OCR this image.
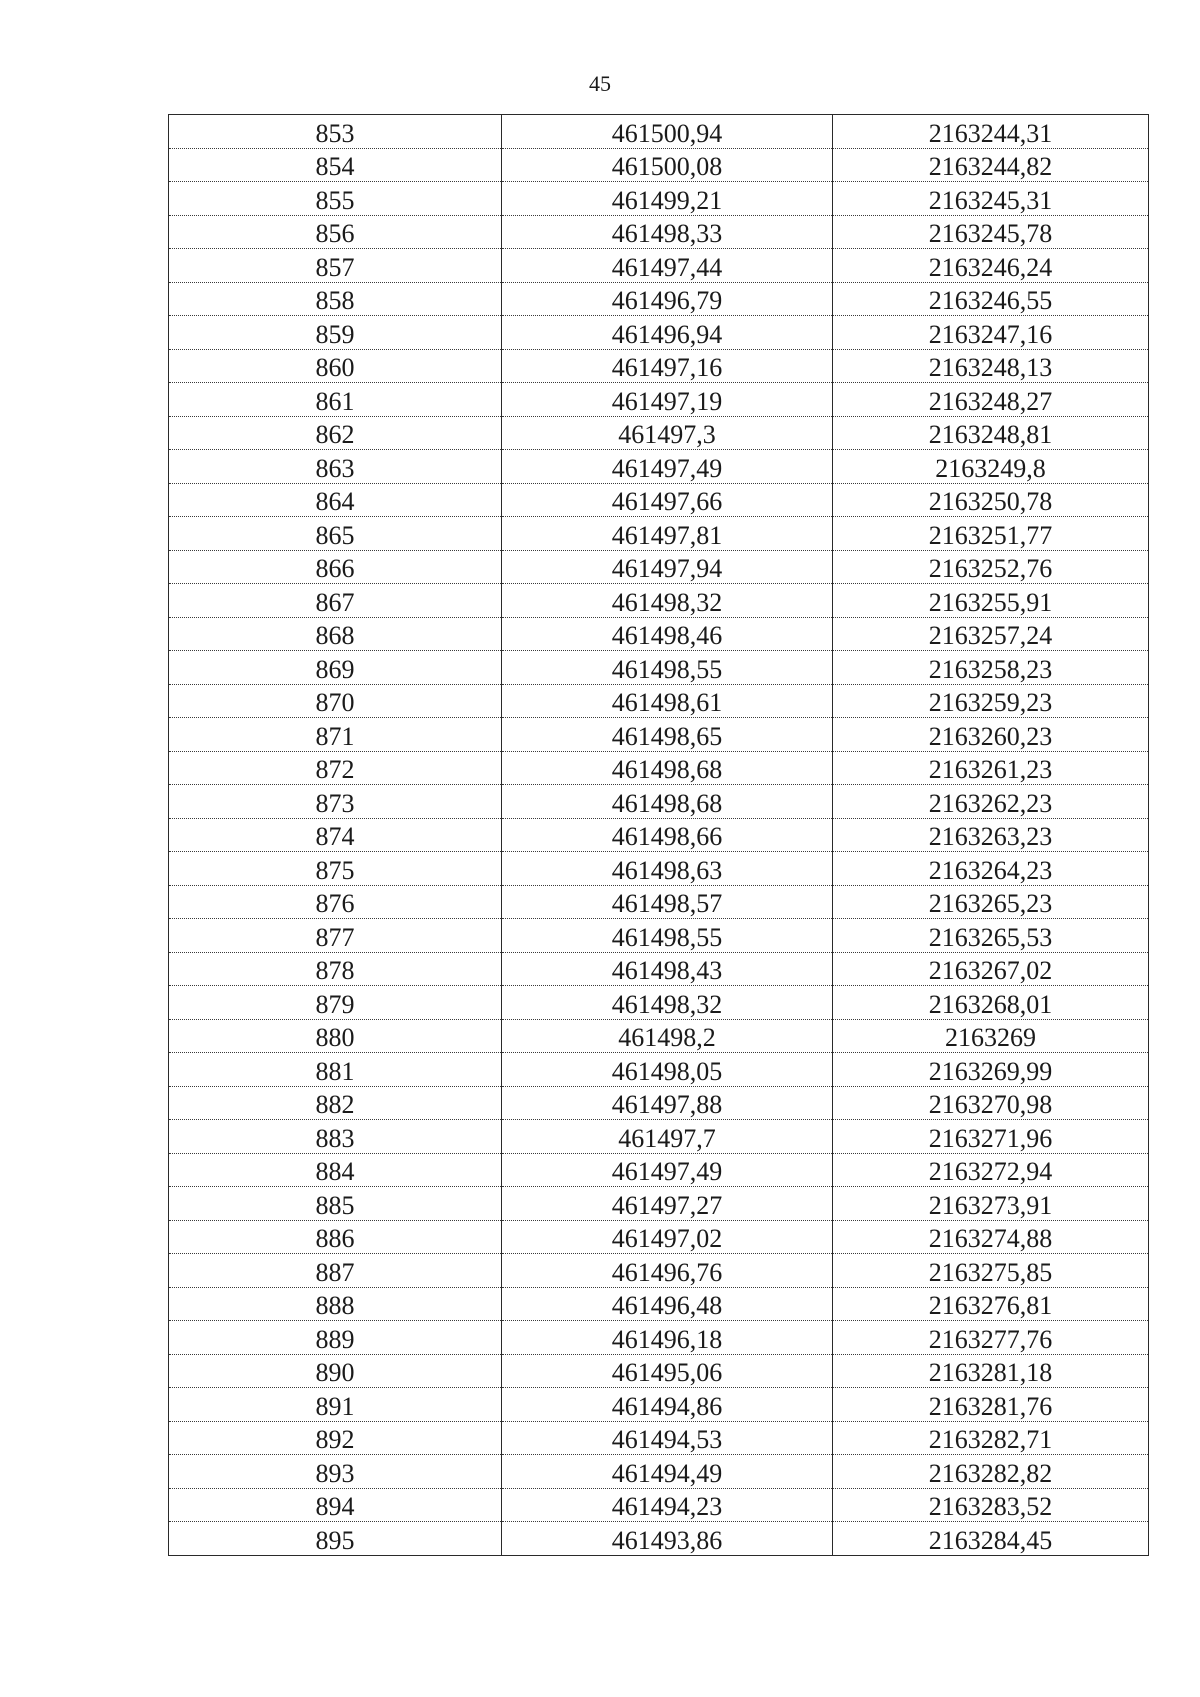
45
853	461500,94	2163244,31
854	461500,08	2163244,82
855	461499,21	2163245,31
856	461498,33	2163245,78
857	461497,44	2163246,24
858	461496,79	2163246,55
859	461496,94	2163247,16
860	461497,16	2163248,13
861	461497,19	2163248,27
862	461497,3	2163248,81
863	461497,49	2163249,8
864	461497,66	2163250,78
865	461497,81	2163251,77
866	461497,94	2163252,76
867	461498,32	2163255,91
868	461498,46	2163257,24
869	461498,55	2163258,23
870	461498,61	2163259,23
871	461498,65	2163260,23
872	461498,68	2163261,23
873	461498,68	2163262,23
874	461498,66	2163263,23
875	461498,63	2163264,23
876	461498,57	2163265,23
877	461498,55	2163265,53
878	461498,43	2163267,02
879	461498,32	2163268,01
880	461498,2	2163269
881	461498,05	2163269,99
882	461497,88	2163270,98
883	461497,7	2163271,96
884	461497,49	2163272,94
885	461497,27	2163273,91
886	461497,02	2163274,88
887	461496,76	2163275,85
888	461496,48	2163276,81
889	461496,18	2163277,76
890	461495,06	2163281,18
891	461494,86	2163281,76
892	461494,53	2163282,71
893	461494,49	2163282,82
894	461494,23	2163283,52
895	461493,86	2163284,45
